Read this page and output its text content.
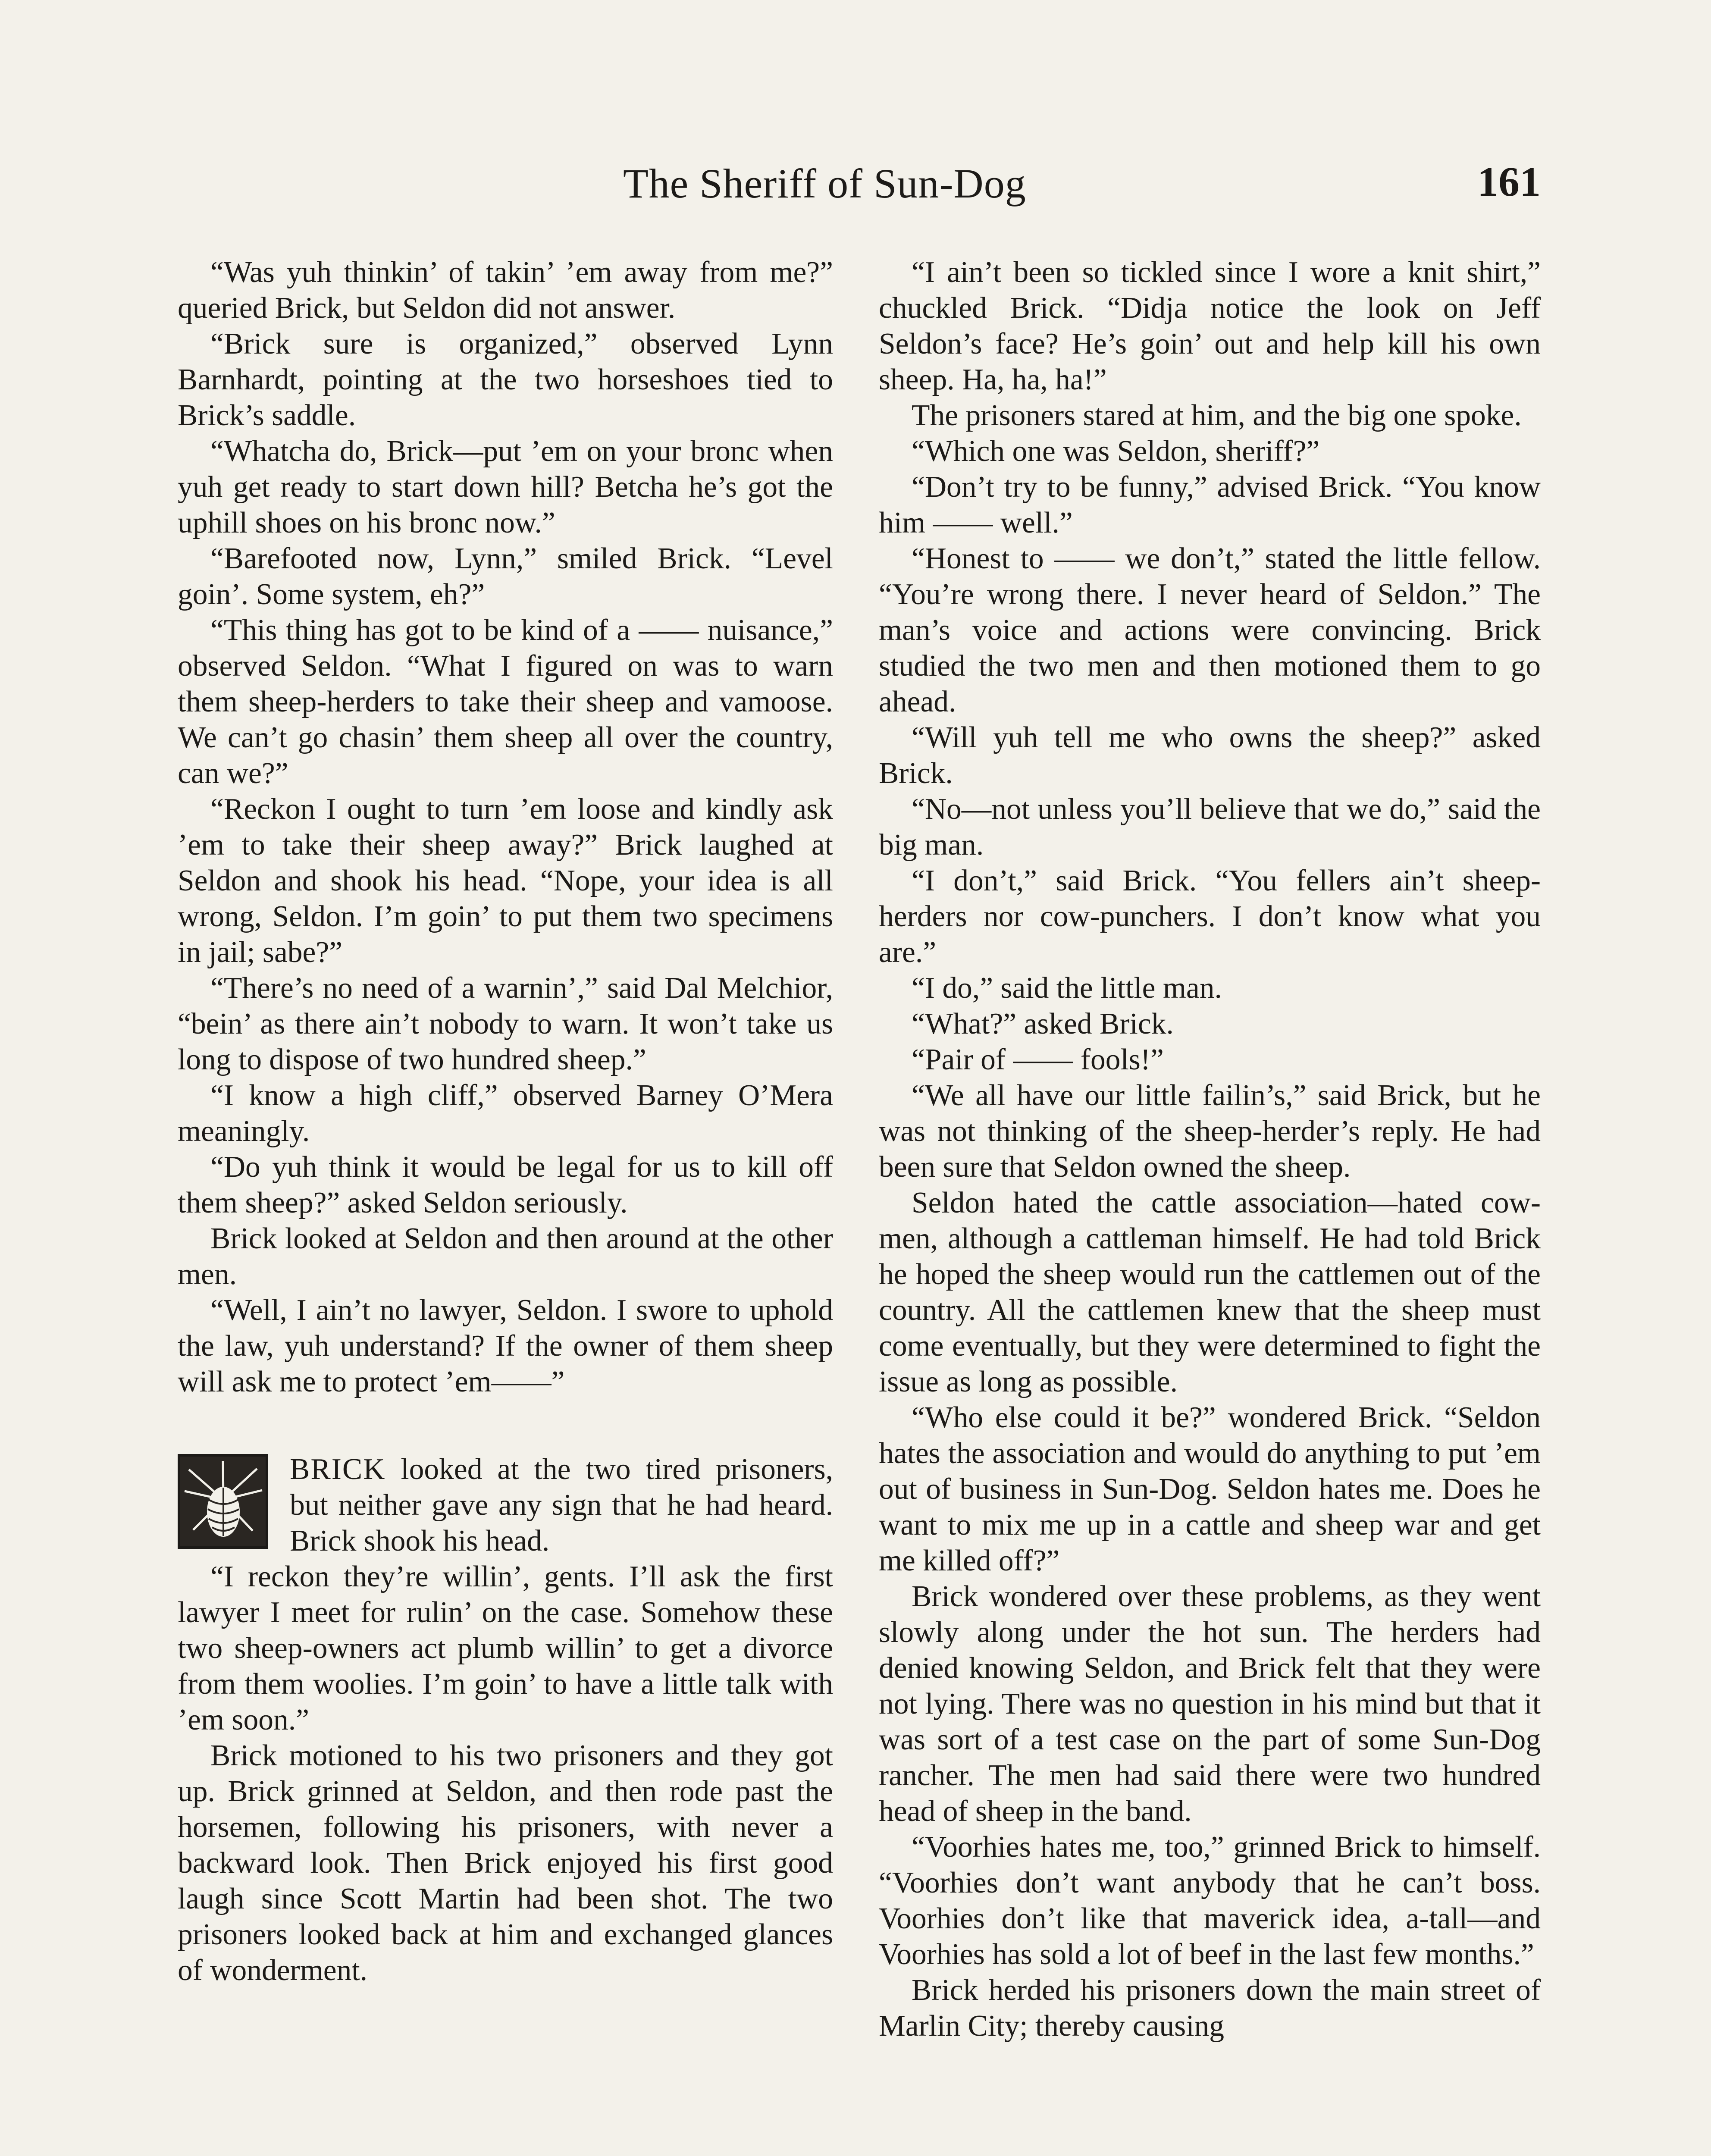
The Sheriff of Sun-Dog	161

“Was yuh thinkin’ of takin’ ’em away from me?” queried Brick, but Seldon did not answer.

“Brick sure is organized,” observed Lynn Barnhardt, pointing at the two horseshoes tied to Brick’s saddle.

“Whatcha do, Brick—put ’em on your bronc when yuh get ready to start down hill? Betcha he’s got the uphill shoes on his bronc now.”

“Barefooted now, Lynn,” smiled Brick. “Level goin’. Some system, eh?”

“This thing has got to be kind of a —— nuisance,” observed Seldon. “What I figured on was to warn them sheep-herders to take their sheep and vamoose. We can’t go chasin’ them sheep all over the country, can we?”

“Reckon I ought to turn ’em loose and kindly ask ’em to take their sheep away?” Brick laughed at Seldon and shook his head. “Nope, your idea is all wrong, Seldon. I’m goin’ to put them two specimens in jail; sabe?”

“There’s no need of a warnin’,” said Dal Melchior, “bein’ as there ain’t nobody to warn. It won’t take us long to dispose of two hundred sheep.”

“I know a high cliff,” observed Barney O’Mera meaningly.

“Do yuh think it would be legal for us to kill off them sheep?” asked Seldon seriously.

Brick looked at Seldon and then around at the other men.

“Well, I ain’t no lawyer, Seldon. I swore to uphold the law, yuh understand? If the owner of them sheep will ask me to protect ’em——”

BRICK looked at the two tired prisoners, but neither gave any sign that he had heard. Brick shook his head.

“I reckon they’re willin’, gents. I’ll ask the first lawyer I meet for rulin’ on the case. Somehow these two sheep-owners act plumb willin’ to get a divorce from them woolies. I’m goin’ to have a little talk with ’em soon.”

Brick motioned to his two prisoners and they got up. Brick grinned at Seldon, and then rode past the horsemen, following his prisoners, with never a backward look. Then Brick enjoyed his first good laugh since Scott Martin had been shot. The two prisoners looked back at him and exchanged glances of wonderment.

“I ain’t been so tickled since I wore a knit shirt,” chuckled Brick. “Didja notice the look on Jeff Seldon’s face? He’s goin’ out and help kill his own sheep. Ha, ha, ha!”

The prisoners stared at him, and the big one spoke.

“Which one was Seldon, sheriff?”

“Don’t try to be funny,” advised Brick. “You know him —— well.”

“Honest to —— we don’t,” stated the little fellow. “You’re wrong there. I never heard of Seldon.” The man’s voice and actions were convincing. Brick studied the two men and then motioned them to go ahead.

“Will yuh tell me who owns the sheep?” asked Brick.

“No—not unless you’ll believe that we do,” said the big man.

“I don’t,” said Brick. “You fellers ain’t sheep-herders nor cow-punchers. I don’t know what you are.”

“I do,” said the little man.

“What?” asked Brick.

“Pair of —— fools!”

“We all have our little failin’s,” said Brick, but he was not thinking of the sheep-herder’s reply. He had been sure that Seldon owned the sheep.

Seldon hated the cattle association—hated cow-men, although a cattleman himself. He had told Brick he hoped the sheep would run the cattlemen out of the country. All the cattlemen knew that the sheep must come eventually, but they were determined to fight the issue as long as possible.

“Who else could it be?” wondered Brick. “Seldon hates the association and would do anything to put ’em out of business in Sun-Dog. Seldon hates me. Does he want to mix me up in a cattle and sheep war and get me killed off?”

Brick wondered over these problems, as they went slowly along under the hot sun. The herders had denied knowing Seldon, and Brick felt that they were not lying. There was no question in his mind but that it was sort of a test case on the part of some Sun-Dog rancher. The men had said there were two hundred head of sheep in the band.

“Voorhies hates me, too,” grinned Brick to himself. “Voorhies don’t want anybody that he can’t boss. Voorhies don’t like that maverick idea, a-tall—and Voorhies has sold a lot of beef in the last few months.”

Brick herded his prisoners down the main street of Marlin City; thereby causing
